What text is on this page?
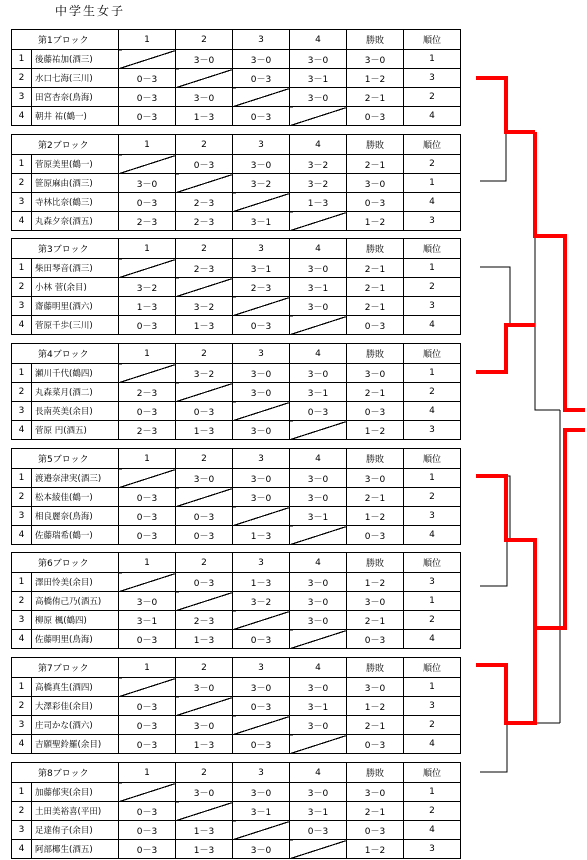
中学生女子
第1ブロック		1	2	3	4	勝敗	順位
1	後藤祐加(酒三)		3－0	3－0	3－0	3－0	1
2	水口七海(三川)	0－3		0－3	3－1	1－2	3
3	田宮杏奈(鳥海)	0－3	3－0		3－0	2－1	2
4	朝井 祐(鶴一)	0－3	1－3	0－3		0－3	4
第2ブロック		1	2	3	4	勝敗	順位
1	菅原美里(鶴一)		0－3	3－0	3－2	2－1	2
2	笹原麻由(酒三)	3－0		3－2	3－2	3－0	1
3	寺林比奈(鶴三)	0－3	2－3		1－3	0－3	4
4	丸森夕奈(酒五)	2－3	2－3	3－1		1－2	3
第3ブロック		1	2	3	4	勝敗	順位
1	柴田琴音(酒三)		2－3	3－1	3－0	2－1	1
2	小林 菅(余目)	3－2		2－3	3－1	2－1	2
3	齋藤明里(酒六)	1－3	3－2		3－0	2－1	3
4	菅原千歩(三川)	0－3	1－3	0－3		0－3	4
第4ブロック		1	2	3	4	勝敗	順位
1	瀬川千代(鶴四)		3－2	3－0	3－0	3－0	1
2	丸森菜月(酒二)	2－3		3－0	3－1	2－1	2
3	長南英美(余目)	0－3	0－3		0－3	0－3	4
4	菅原 円(酒五)	2－3	1－3	3－0		1－2	3
第5ブロック		1	2	3	4	勝敗	順位
1	渡邉奈津実(酒三)		3－0	3－0	3－0	3－0	1
2	松本綾佳(鶴一)	0－3		3－0	3－0	2－1	2
3	相良麗奈(鳥海)	0－3	0－3		3－1	1－2	3
4	佐藤瑞希(鶴一)	0－3	0－3	1－3		0－3	4
第6ブロック		1	2	3	4	勝敗	順位
1	澤田怜美(余目)		0－3	1－3	3－0	1－2	3
2	高橋侑己乃(酒五)	3－0		3－2	3－0	3－0	1
3	柳原 楓(鶴四)	3－1	2－3		3－0	2－1	2
4	佐藤明里(鳥海)	0－3	1－3	0－3		0－3	4
第7ブロック		1	2	3	4	勝敗	順位
1	高橋真生(酒四)		3－0	3－0	3－0	3－0	1
2	大澤彩佳(余目)	0－3		0－3	3－1	1－2	3
3	庄司かな(酒六)	0－3	3－0		3－0	2－1	2
4	吉願聖鈴羅(余目)	0－3	1－3	0－3		0－3	4
第8ブロック		1	2	3	4	勝敗	順位
1	加藤郁実(余目)		3－0	3－0	3－0	3－0	1
2	土田美裕喜(平田)	0－3		3－1	3－1	2－1	2
3	足達侑子(余目)	0－3	1－3		0－3	0－3	4
4	阿部椰生(酒五)	0－3	1－3	3－0		1－2	3
